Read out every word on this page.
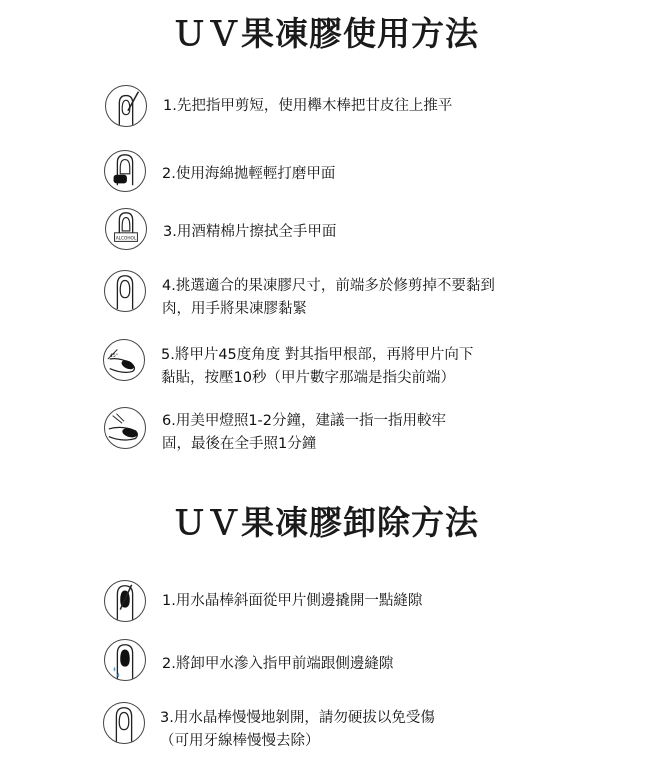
ＵＶ果凍膠使用方法
1.先把指甲剪短，使用櫸木棒把甘皮往上推平
2.使用海綿拋輕輕打磨甲面
ALCOHOL 3.用酒精棉片擦拭全手甲面
4.挑選適合的果凍膠尺寸，前端多於修剪掉不要黏到
肉，用手將果凍膠黏緊
45°	5.將甲片45度角度 對其指甲根部，再將甲片向下
黏貼，按壓10秒（甲片數字那端是指尖前端）
6.用美甲燈照1-2分鐘，建議一指一指用較牢
固，最後在全手照1分鐘
ＵＶ果凍膠卸除方法
1.用水晶棒斜面從甲片側邊撬開一點縫隙
2.將卸甲水滲入指甲前端跟側邊縫隙
3.用水晶棒慢慢地剝開，請勿硬拔以免受傷
（可用牙線棒慢慢去除）
